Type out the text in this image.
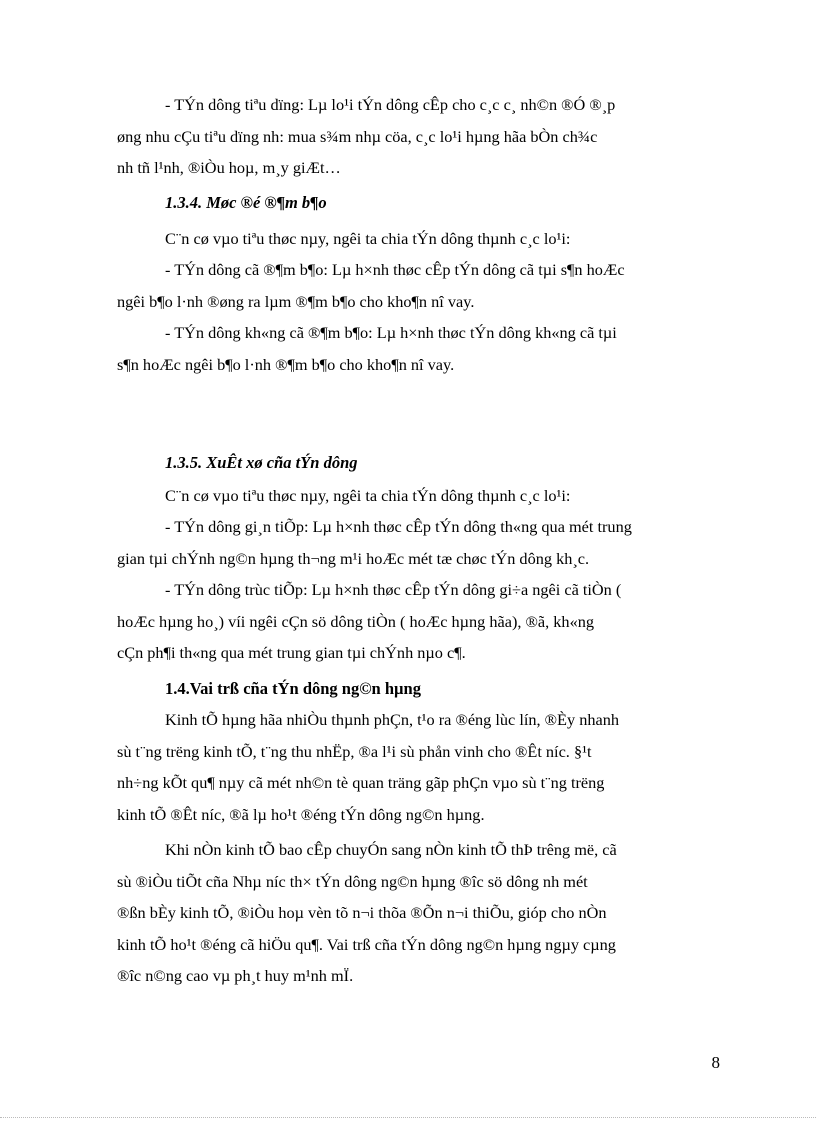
- TÝn dông tiªu dïng: Lµ lo¹i tÝn dông cÊp cho c¸c c¸ nh©n ®Ó ®¸p
øng nhu cÇu tiªu dïng nh: mua s¾m nhµ cöa, c¸c lo¹i hµng hãa bÒn ch¾c
nh tñ l¹nh, ®iÒu hoµ, m¸y giÆt…
1.3.4. Møc ®é ®¶m b¶o
C¨n cø vµo tiªu thøc nµy, ngêi ta chia tÝn dông thµnh c¸c lo¹i:
- TÝn dông cã ®¶m b¶o: Lµ h×nh thøc cÊp tÝn dông cã tµi s¶n hoÆc
ngêi b¶o l·nh ®øng ra lµm ®¶m b¶o cho kho¶n nî vay.
- TÝn dông kh«ng cã ®¶m b¶o: Lµ h×nh thøc tÝn dông kh«ng cã tµi
s¶n hoÆc ngêi b¶o l·nh ®¶m b¶o cho kho¶n nî vay.
1.3.5. XuÊt xø cña tÝn dông
C¨n cø vµo tiªu thøc nµy, ngêi ta chia tÝn dông thµnh c¸c lo¹i:
- TÝn dông gi¸n tiÕp: Lµ h×nh thøc cÊp tÝn dông th«ng qua mét trung
gian tµi chÝnh ng©n hµng th¬ng m¹i hoÆc mét tæ chøc tÝn dông kh¸c.
- TÝn dông trùc tiÕp: Lµ h×nh thøc cÊp tÝn dông gi÷a ngêi cã tiÒn (
hoÆc hµng ho¸) víi ngêi cÇn sö dông tiÒn ( hoÆc hµng hãa), ®ã, kh«ng
cÇn ph¶i th«ng qua mét trung gian tµi chÝnh nµo c¶.
1.4.Vai trß cña tÝn dông ng©n hµng
Kinh tÕ hµng hãa nhiÒu thµnh phÇn, t¹o ra ®éng lùc lín, ®Èy nhanh
sù t¨ng trëng kinh tÕ, t¨ng thu nhËp, ®a l¹i sù phån vinh cho ®Êt níc. §¹t
nh÷ng kÕt qu¶ nµy cã mét nh©n tè quan träng gãp phÇn vµo sù t¨ng trëng
kinh tÕ ®Êt níc, ®ã lµ ho¹t ®éng tÝn dông ng©n hµng.
Khi nÒn kinh tÕ bao cÊp chuyÓn sang nÒn kinh tÕ thÞ trêng më, cã
sù ®iÒu tiÕt cña Nhµ níc th× tÝn dông ng©n hµng ®îc sö dông nh mét
®ßn bÈy kinh tÕ, ®iÒu hoµ vèn tõ n¬i thõa ®Õn n¬i thiÕu, gióp cho nÒn
kinh tÕ ho¹t ®éng cã hiÖu qu¶. Vai trß cña tÝn dông ng©n hµng ngµy cµng
®îc n©ng cao vµ ph¸t huy m¹nh mÏ.
8
